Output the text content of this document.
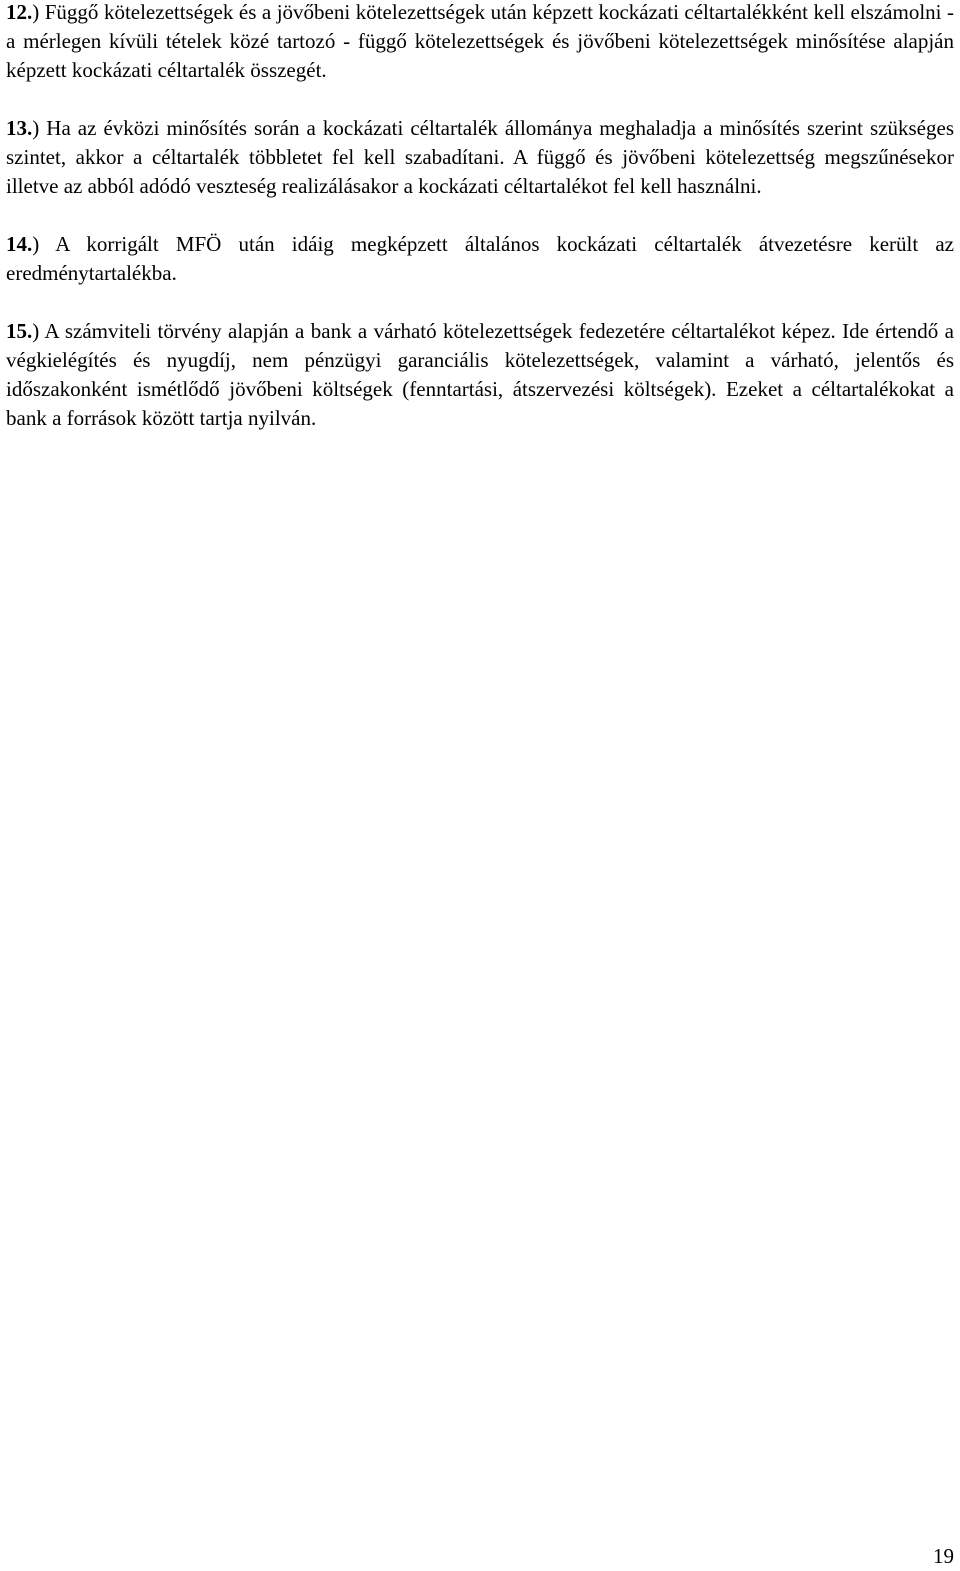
12.) Függő kötelezettségek és a jövőbeni kötelezettségek után képzett kockázati céltartalékként kell elszámolni - a mérlegen kívüli tételek közé tartozó - függő kötelezettségek és jövőbeni kötelezettségek minősítése alapján képzett kockázati céltartalék összegét.

13.) Ha az évközi minősítés során a kockázati céltartalék állománya meghaladja a minősítés szerint szükséges szintet, akkor a céltartalék többletet fel kell szabadítani. A függő és jövőbeni kötelezettség megszűnésekor illetve az abból adódó veszteség realizálásakor a kockázati céltartalékot fel kell használni.

14.) A korrigált MFÖ után idáig megképzett általános kockázati céltartalék átvezetésre került az eredménytartalékba.

15.) A számviteli törvény alapján a bank a várható kötelezettségek fedezetére céltartalékot képez. Ide értendő a végkielégítés és nyugdíj, nem pénzügyi garanciális kötelezettségek, valamint a várható, jelentős és időszakonként ismétlődő jövőbeni költségek (fenntartási, átszervezési költségek). Ezeket a céltartalékokat a bank a források között tartja nyilván.

19
